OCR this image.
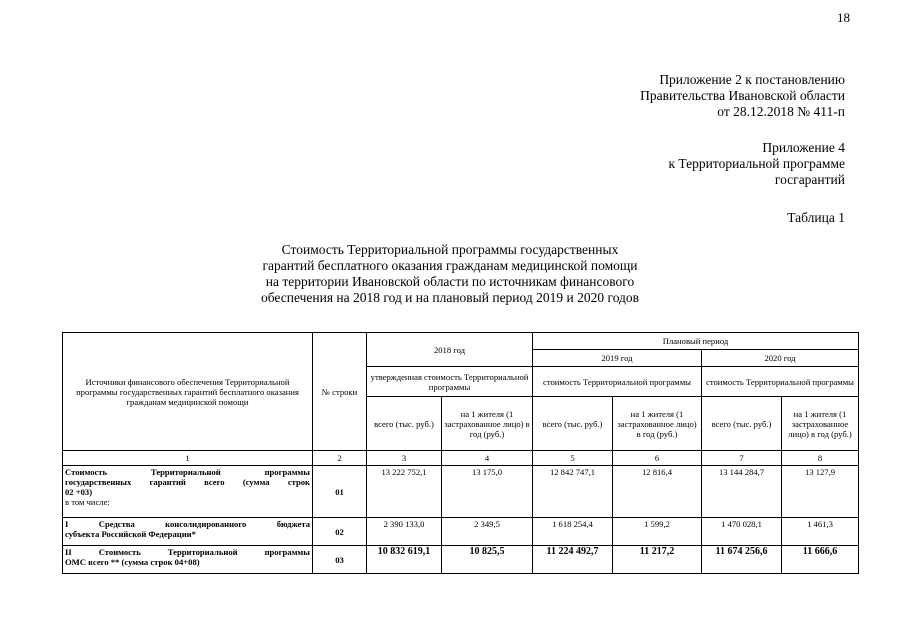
18
Приложение 2 к постановлению
Правительства Ивановской области
от 28.12.2018 № 411-п
Приложение 4
к Территориальной программе
госгарантий
Таблица 1
Стоимость Территориальной программы государственных
гарантий бесплатного оказания гражданам медицинской помощи
на территории Ивановской области по источникам финансового
обеспечения на 2018 год и на плановый период 2019 и 2020 годов
Источники финансового обеспечения Территориальной программы государственных гарантий бесплатного оказания гражданам медицинской помощи	№ строки	2018 год		Плановый период			
				2019 год		2020 год	
		утвержденная стоимость Территориальной программы		стоимость Территориальной программы		стоимость Территориальной программы	
		всего (тыс. руб.)	на 1 жителя (1 застрахованное лицо) в год (руб.)	всего (тыс. руб.)	на 1 жителя (1 застрахованное лицо) в год (руб.)	всего (тыс. руб.)	на 1 жителя (1 застрахованное лицо) в год (руб.)
1	2	3	4	5	6	7	8

Стоимость Территориальной программы
государственных гарантий всего (сумма строк
02 +03)
в том числе:	01	13 222 752,1	13 175,0	12 842 747,1	12 816,4	13 144 284,7	13 127,9

I Средства консолидированного бюджета
субъекта Российской Федерации*	02	2 390 133,0	2 349,5	1 618 254,4	1 599,2	1 470 028,1	1 461,3

II Стоимость Территориальной программы
ОМС всего ** (сумма строк 04+08)	03	10 832 619,1	10 825,5	11 224 492,7	11 217,2	11 674 256,6	11 666,6
